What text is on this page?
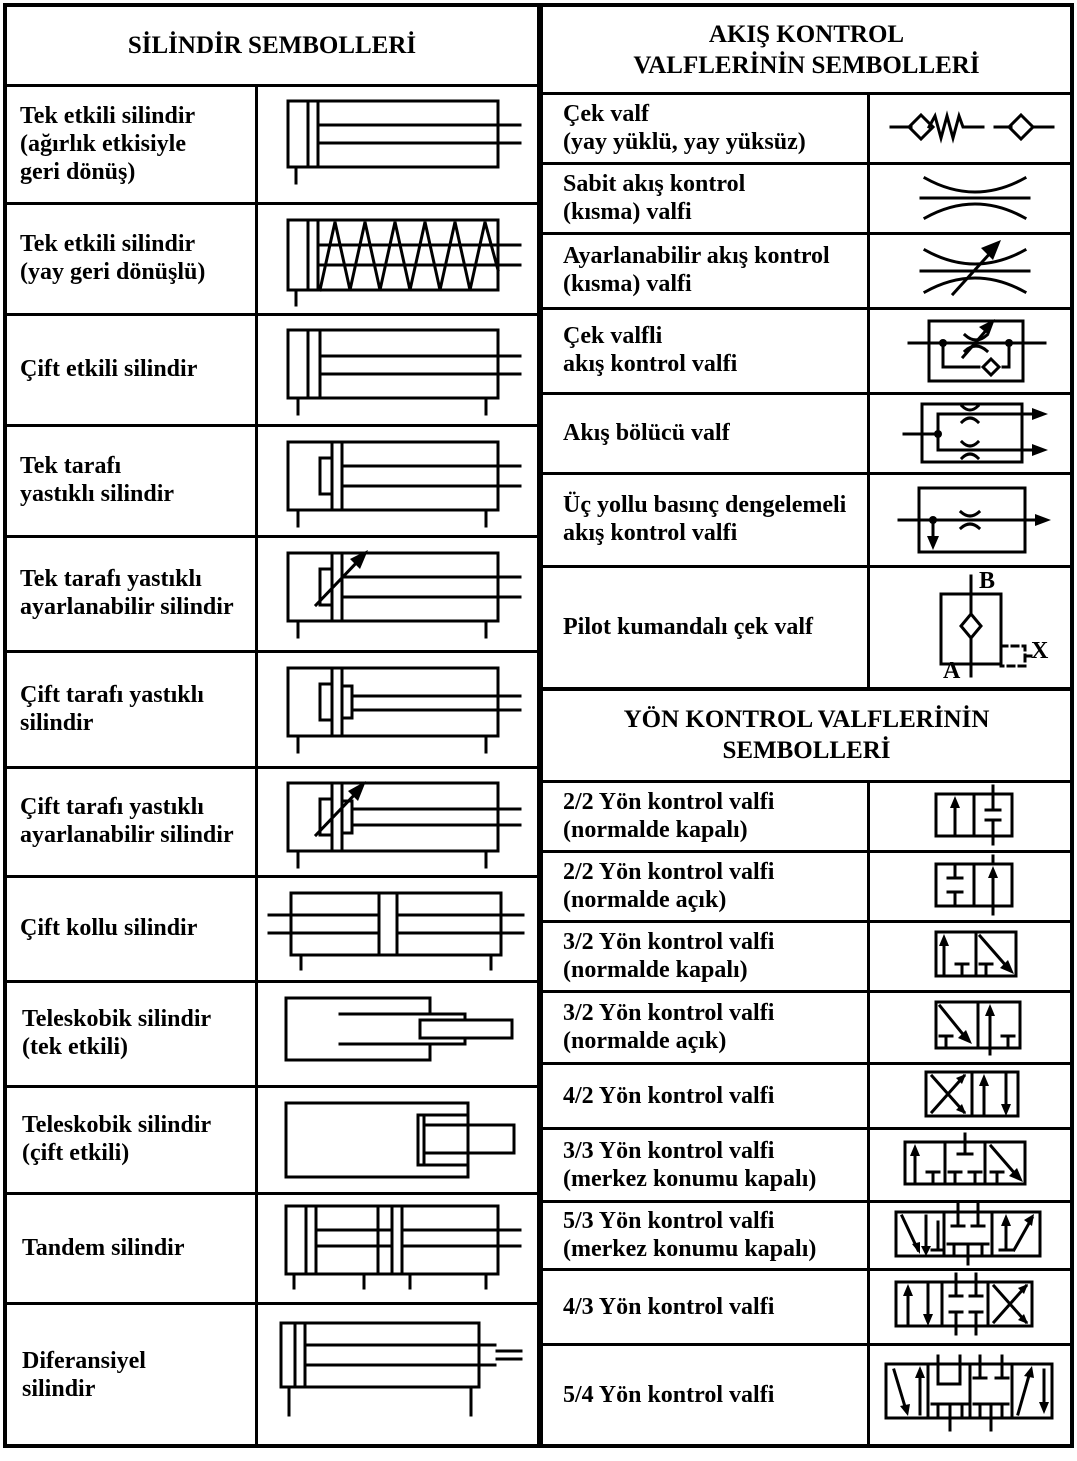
SİLİNDİR SEMBOLLERİ
Tek etkili silindir
(ağırlık etkisiyle
geri dönüş)
Tek etkili silindir
(yay geri dönüşlü)
Çift etkili silindir
Tek tarafı
yastıklı silindir
Tek tarafı yastıklı
ayarlanabilir silindir
Çift tarafı yastıklı
silindir
Çift tarafı yastıklı
ayarlanabilir silindir
Çift kollu silindir
Teleskobik silindir
(tek etkili)
Teleskobik silindir
(çift etkili)
Tandem silindir
Diferansiyel
silindir
AKIŞ KONTROL
VALFLERİNİN SEMBOLLERİ
YÖN KONTROL VALFLERİNİN
SEMBOLLERİ
Çek valf
(yay yüklü, yay yüksüz)
Sabit akış kontrol
(kısma) valfi
Ayarlanabilir akış kontrol
(kısma) valfi
Çek valfli
akış kontrol valfi
Akış bölücü valf
Üç yollu basınç dengelemeli
akış kontrol valfi
Pilot kumandalı çek valf
B
A
X
2/2 Yön kontrol valfi
(normalde kapalı)
2/2 Yön kontrol valfi
(normalde açık)
3/2 Yön kontrol valfi
(normalde kapalı)
3/2 Yön kontrol valfi
(normalde açık)
4/2 Yön kontrol valfi
3/3 Yön kontrol valfi
(merkez konumu kapalı)
5/3 Yön kontrol valfi
(merkez konumu kapalı)
4/3 Yön kontrol valfi
5/4 Yön kontrol valfi
